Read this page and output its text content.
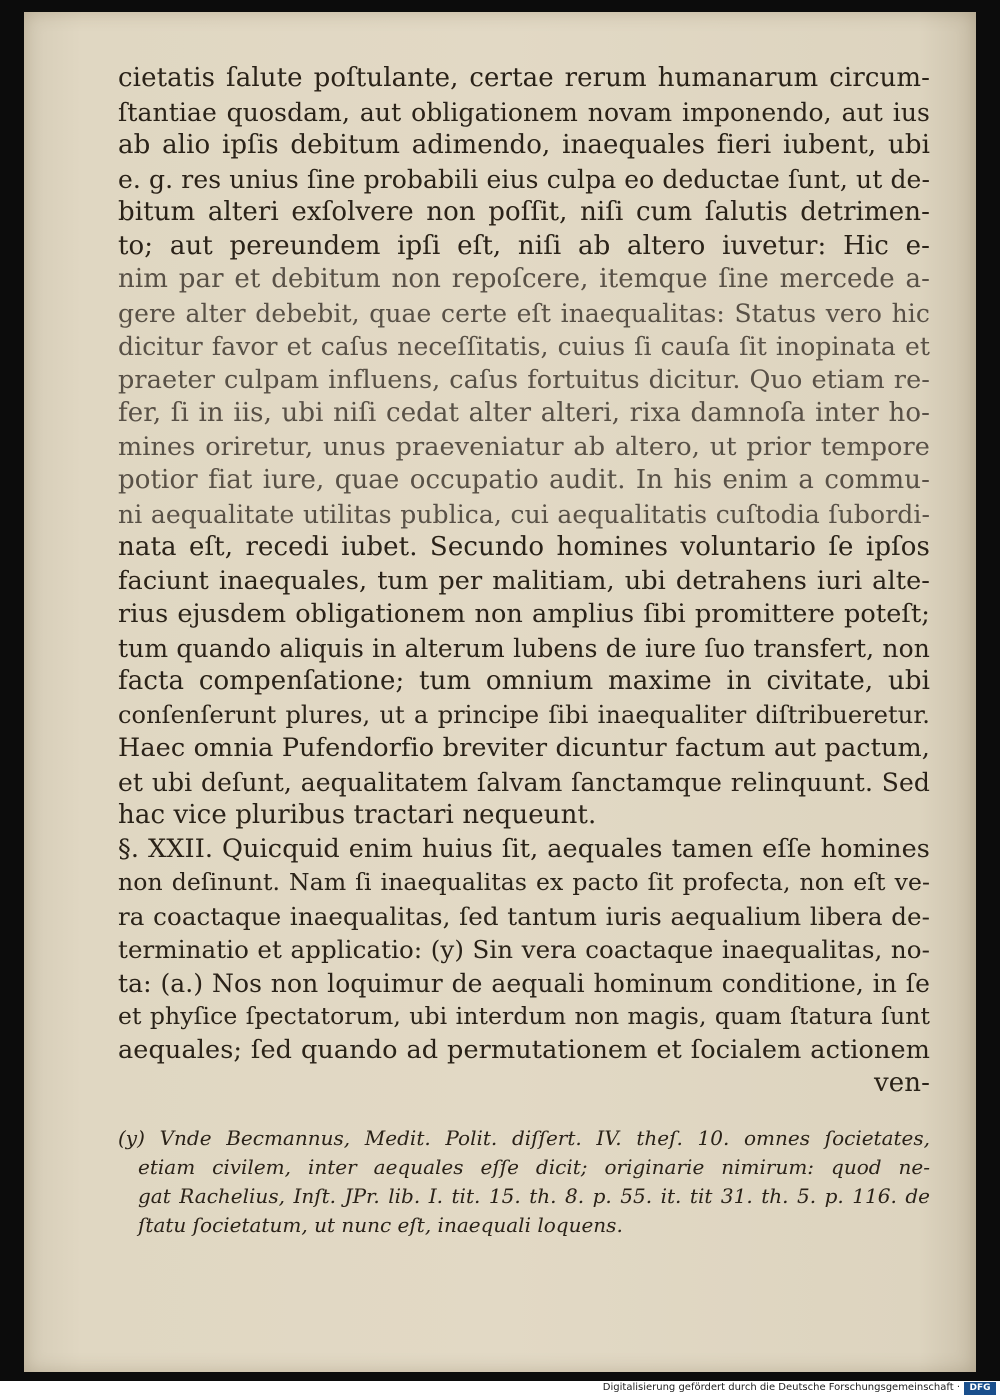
cietatis ſalute poſtulante, certae rerum humanarum circum-
ſtantiae quosdam, aut obligationem novam imponendo, aut ius
ab alio ipſis debitum adimendo, inaequales fieri iubent, ubi
e. g. res unius ſine probabili eius culpa eo deductae ſunt, ut de-
bitum alteri exſolvere non poſſit, niſi cum ſalutis detrimen-
to; aut pereundem ipſi eſt, niſi ab altero iuvetur: Hic e-
nim par et debitum non repoſcere, itemque ſine mercede a-
gere alter debebit, quae certe eſt inaequalitas: Status vero hic
dicitur favor et caſus neceſſitatis, cuius ſi cauſa ſit inopinata et
praeter culpam influens, caſus fortuitus dicitur. Quo etiam re-
fer, ſi in iis, ubi niſi cedat alter alteri, rixa damnoſa inter ho-
mines oriretur, unus praeveniatur ab altero, ut prior tempore
potior fiat iure, quae occupatio audit. In his enim a commu-
ni aequalitate utilitas publica, cui aequalitatis cuſtodia ſubordi-
nata eſt, recedi iubet. Secundo homines voluntario ſe ipſos
faciunt inaequales, tum per malitiam, ubi detrahens iuri alte-
rius ejusdem obligationem non amplius ſibi promittere poteſt;
tum quando aliquis in alterum lubens de iure ſuo transfert, non
facta compenſatione; tum omnium maxime in civitate, ubi
conſenſerunt plures, ut a principe ſibi inaequaliter diſtribueretur.
Haec omnia Pufendorfio breviter dicuntur factum aut pactum,
et ubi deſunt, aequalitatem ſalvam ſanctamque relinquunt. Sed
hac vice pluribus tractari nequeunt.
§. XXII. Quicquid enim huius ſit, aequales tamen eſſe homines
non deſinunt. Nam ſi inaequalitas ex pacto ſit profecta, non eſt ve-
ra coactaque inaequalitas, ſed tantum iuris aequalium libera de-
terminatio et applicatio: (y) Sin vera coactaque inaequalitas, no-
ta: (a.) Nos non loquimur de aequali hominum conditione, in ſe
et phyſice ſpectatorum, ubi interdum non magis, quam ſtatura ſunt
aequales; ſed quando ad permutationem et ſocialem actionem
ven-
(y) Vnde Becmannus, Medit. Polit. diſſert. IV. theſ. 10. omnes ſocietates,
etiam civilem, inter aequales eſſe dicit; originarie nimirum: quod ne-
gat Rachelius, Inſt. JPr. lib. I. tit. 15. th. 8. p. 55. it. tit 31. th. 5. p. 116. de
ſtatu ſocietatum, ut nunc eſt, inaequali loquens.
Digitalisierung gefördert durch die Deutsche Forschungsgemeinschaft ·	DFG
